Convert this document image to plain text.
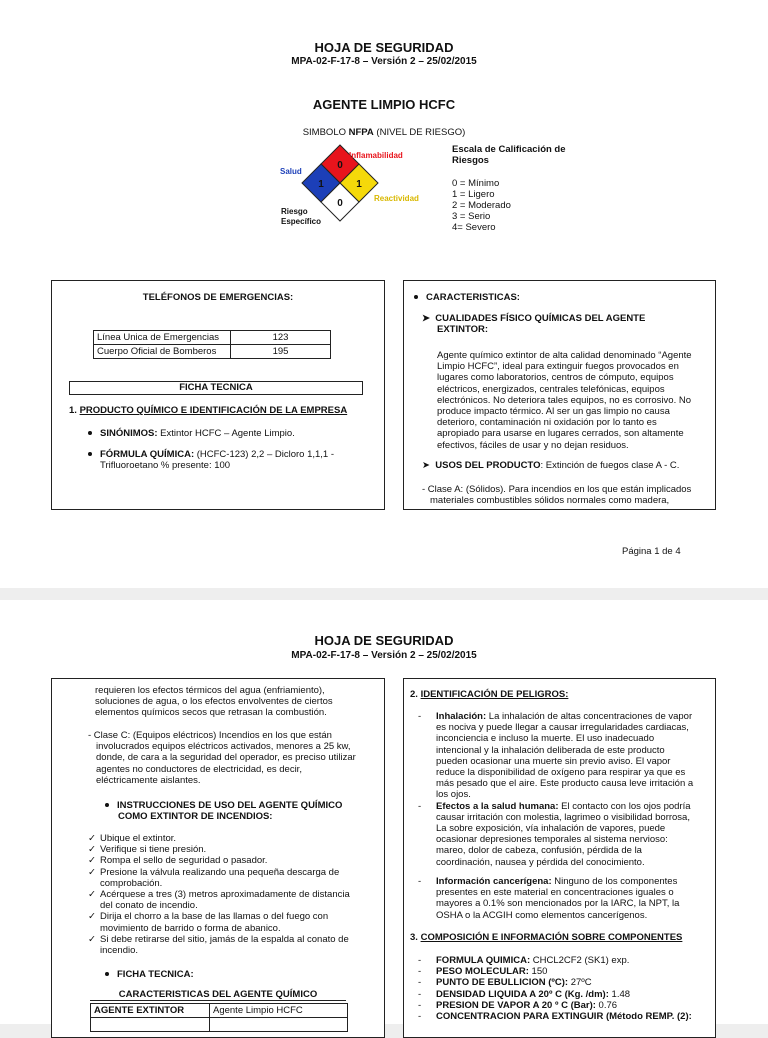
HOJA DE SEGURIDAD
MPA-02-F-17-8 – Versión 2 – 25/02/2015
AGENTE LIMPIO HCFC
SIMBOLO NFPA (NIVEL DE RIESGO)
0
1	1
0
Inflamabilidad
Salud
Reactividad
Riesgo
Específico
Escala de Calificación de
Riesgos
0 = Mínimo
1 = Ligero
2 = Moderado
3 = Serio
4= Severo
TELÉFONOS DE EMERGENCIAS:
Línea Unica de Emergencias	123
Cuerpo Oficial de Bomberos	195
FICHA TECNICA
1. PRODUCTO QUÍMICO E IDENTIFICACIÓN DE LA EMPRESA
SINÓNIMOS: Extintor HCFC – Agente Limpio.
FÓRMULA QUÍMICA: (HCFC-123) 2,2 – Dicloro 1,1,1 -
Trifluoroetano % presente: 100
CARACTERISTICAS:
➤  CUALIDADES FÍSICO QUÍMICAS DEL AGENTE
EXTINTOR:
Agente químico extintor de alta calidad denominado “Agente
Limpio HCFC”, ideal para extinguir fuegos provocados en
lugares como laboratorios, centros de cómputo, equipos
eléctricos, energizados, centrales telefónicas, equipos
electrónicos. No deteriora tales equipos, no es corrosivo. No
produce impacto térmico. Al ser un gas limpio no causa
deterioro, contaminación ni oxidación por lo tanto es
apropiado para usarse en lugares cerrados, son altamente
efectivos, fáciles de usar y no dejan residuos.
➤  USOS DEL PRODUCTO: Extinción de fuegos clase A - C.
- Clase A: (Sólidos). Para incendios en los que están implicados
materiales combustibles sólidos normales como madera,
Página 1 de 4
HOJA DE SEGURIDAD
MPA-02-F-17-8 – Versión 2 – 25/02/2015
requieren los efectos térmicos del agua (enfriamiento),
soluciones de agua, o los efectos envolventes de ciertos
elementos químicos secos que retrasan la combustión.
- Clase C: (Equipos eléctricos) Incendios en los que están
involucrados equipos eléctricos activados, menores a 25 kw,
donde, de cara a la seguridad del operador, es preciso utilizar
agentes no conductores de electricidad, es decir,
eléctricamente aislantes.
INSTRUCCIONES DE USO DEL AGENTE QUÍMICO
COMO EXTINTOR DE INCENDIOS:
✓ Ubique el extintor.
✓ Verifique si tiene presión.
✓ Rompa el sello de seguridad o pasador.
✓ Presione la válvula realizando una pequeña descarga de
comprobación.
✓ Acérquese a tres (3) metros aproximadamente de distancia
del conato de incendio.
✓ Dirija el chorro a la base de las llamas o del fuego con
movimiento de barrido o forma de abanico.
✓ Si debe retirarse del sitio, jamás de la espalda al conato de
incendio.
FICHA TECNICA:
CARACTERISTICAS DEL AGENTE QUÍMICO
AGENTE EXTINTOR	Agente Limpio HCFC

2. IDENTIFICACIÓN DE PELIGROS:
- Inhalación: La inhalación de altas concentraciones de vapor
es nociva y puede llegar a causar irregularidades cardiacas,
inconciencia e incluso la muerte. El uso inadecuado
intencional y la inhalación deliberada de este producto
pueden ocasionar una muerte sin previo aviso. El vapor
reduce la disponibilidad de oxígeno para respirar ya que es
más pesado que el aire. Este producto causa leve irritación a
los ojos.
- Efectos a la salud humana: El contacto con los ojos podría
causar irritación con molestia, lagrimeo o visibilidad borrosa,
La sobre exposición, vía inhalación de vapores, puede
ocasionar depresiones temporales al sistema nervioso:
mareo, dolor de cabeza, confusión, pérdida de la
coordinación, nausea y pérdida del conocimiento.
- Información cancerígena: Ninguno de los componentes
presentes en este material en concentraciones iguales o
mayores a 0.1% son mencionados por la IARC, la NPT, la
OSHA o la ACGIH como elementos cancerígenos.
3. COMPOSICIÓN E INFORMACIÓN SOBRE COMPONENTES
- FORMULA QUIMICA: CHCL2CF2 (SK1) exp.
- PESO MOLECULAR: 150
- PUNTO DE EBULLICION (ºC): 27ºC
- DENSIDAD LIQUIDA A 20º C (Kg. /dm): 1.48
- PRESION DE VAPOR A 20 º C (Bar): 0.76
- CONCENTRACION PARA EXTINGUIR (Método REMP. (2):
